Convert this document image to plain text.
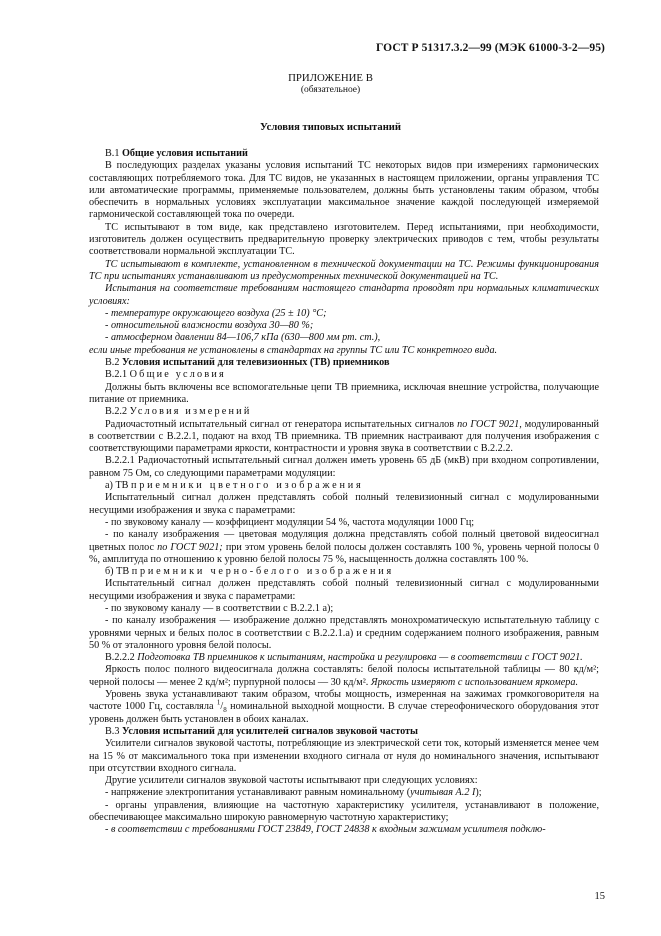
ГОСТ Р 51317.3.2—99 (МЭК 61000-3-2—95)
ПРИЛОЖЕНИЕ В
(обязательное)
Условия типовых испытаний

B.1 Общие условия испытаний

В последующих разделах указаны условия испытаний ТС некоторых видов при измерениях гармонических составляющих потребляемого тока. Для ТС видов, не указанных в настоящем приложении, органы управления ТС или автоматические программы, применяемые пользователем, должны быть установлены таким образом, чтобы обеспечить в нормальных условиях эксплуатации максимальное значение каждой последующей измеряемой гармонической составляющей тока по очереди.

ТС испытывают в том виде, как представлено изготовителем. Перед испытаниями, при необходимости, изготовитель должен осуществить предварительную проверку электрических приводов с тем, чтобы результаты соответствовали нормальной эксплуатации ТС.

ТС испытывают в комплекте, установленном в технической документации на ТС. Режимы функционирования ТС при испытаниях устанавливают из предусмотренных технической документацией на ТС.

Испытания на соответствие требованиям настоящего стандарта проводят при нормальных климатических условиях:

- температуре окружающего воздуха (25 ± 10) °C;

- относительной влажности воздуха 30—80 %;

- атмосферном давлении 84—106,7 кПа (630—800 мм рт. ст.),

если иные требования не установлены в стандартах на группы ТС или ТС конкретного вида.

B.2 Условия испытаний для телевизионных (ТВ) приемников

B.2.1 Общие условия

Должны быть включены все вспомогательные цепи ТВ приемника, исключая внешние устройства, получающие питание от приемника.

B.2.2 Условия измерений

Радиочастотный испытательный сигнал от генератора испытательных сигналов по ГОСТ 9021, модулированный в соответствии с B.2.2.1, подают на вход ТВ приемника. ТВ приемник настраивают для получения изображения с соответствующими параметрами яркости, контрастности и уровня звука в соответствии с B.2.2.2.

B.2.2.1 Радиочастотный испытательный сигнал должен иметь уровень 65 дБ (мкВ) при входном сопротивлении, равном 75 Ом, со следующими параметрами модуляции:

а) ТВ приемники цветного изображения

Испытательный сигнал должен представлять собой полный телевизионный сигнал с модулированными несущими изображения и звука с параметрами:

- по звуковому каналу — коэффициент модуляции 54 %, частота модуляции 1000 Гц;

- по каналу изображения — цветовая модуляция должна представлять собой полный цветовой видеосигнал цветных полос по ГОСТ 9021; при этом уровень белой полосы должен составлять 100 %, уровень черной полосы 0 %, амплитуда по отношению к уровню белой полосы 75 %, насыщенность должна составлять 100 %.

б) ТВ приемники черно-белого изображения

Испытательный сигнал должен представлять собой полный телевизионный сигнал с модулированными несущими изображения и звука с параметрами:

- по звуковому каналу — в соответствии с B.2.2.1 а);

- по каналу изображения — изображение должно представлять монохроматическую испытательную таблицу с уровнями черных и белых полос в соответствии с B.2.2.1.а) и средним содержанием полного изображения, равным 50 % от эталонного уровня белой полосы.

B.2.2.2 Подготовка ТВ приемников к испытаниям, настройка и регулировка — в соответствии с ГОСТ 9021.

Яркость полос полного видеосигнала должна составлять: белой полосы испытательной таблицы — 80 кд/м²; черной полосы — менее 2 кд/м²; пурпурной полосы — 30 кд/м². Яркость измеряют с использованием яркомера.

Уровень звука устанавливают таким образом, чтобы мощность, измеренная на зажимах громкоговорителя на частоте 1000 Гц, составляла $^1/_8$ номинальной выходной мощности. В случае стереофонического оборудования этот уровень должен быть установлен в обоих каналах.

B.3 Условия испытаний для усилителей сигналов звуковой частоты

Усилители сигналов звуковой частоты, потребляющие из электрической сети ток, который изменяется менее чем на 15 % от максимального тока при изменении входного сигнала от нуля до номинального значения, испытывают при отсутствии входного сигнала.

Другие усилители сигналов звуковой частоты испытывают при следующих условиях:

- напряжение электропитания устанавливают равным номинальному (учитывая A.2 I);

- органы управления, влияющие на частотную характеристику усилителя, устанавливают в положение, обеспечивающее максимально широкую равномерную частотную характеристику;

- в соответствии с требованиями ГОСТ 23849, ГОСТ 24838 к входным зажимам усилителя подклю-

15
